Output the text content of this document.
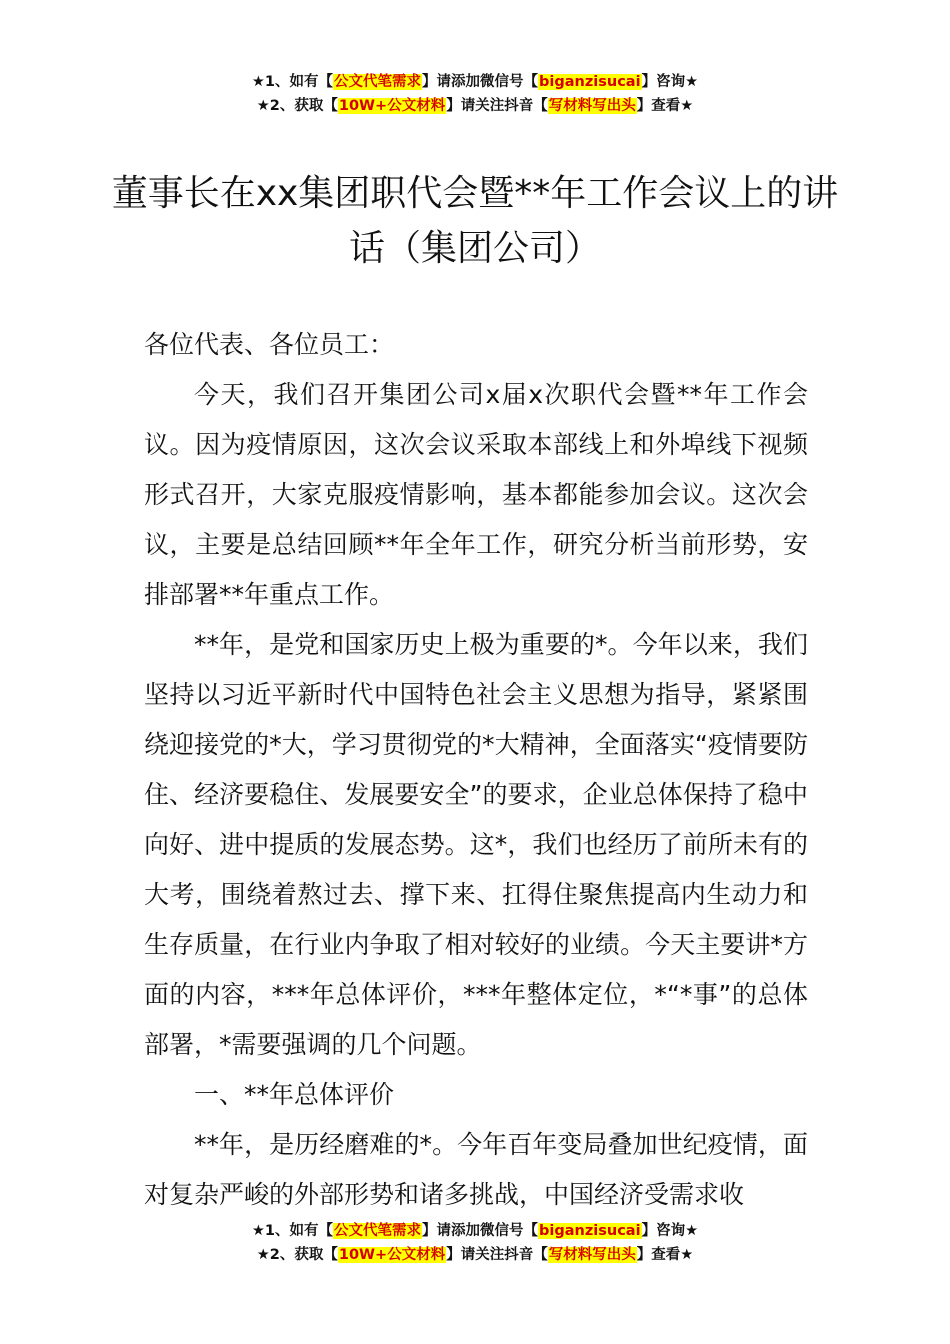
★1、如有【公文代笔需求】请添加微信号【biganzisucai】咨询★
★2、获取【10W+公文材料】请关注抖音【写材料写出头】查看★
董事长在xx集团职代会暨**年工作会议上的讲话（集团公司）

各位代表、各位员工：

今天，我们召开集团公司x届x次职代会暨**年工作会议。因为疫情原因，这次会议采取本部线上和外埠线下视频形式召开，大家克服疫情影响，基本都能参加会议。这次会议，主要是总结回顾**年全年工作，研究分析当前形势，安排部署**年重点工作。

**年，是党和国家历史上极为重要的*。今年以来，我们坚持以习近平新时代中国特色社会主义思想为指导，紧紧围绕迎接党的*大，学习贯彻党的*大精神，全面落实“疫情要防住、经济要稳住、发展要安全”的要求，企业总体保持了稳中向好、进中提质的发展态势。这*，我们也经历了前所未有的大考，围绕着熬过去、撑下来、扛得住聚焦提高内生动力和生存质量，在行业内争取了相对较好的业绩。今天主要讲*方面的内容，***年总体评价，***年整体定位，*“*事”的总体部署，*需要强调的几个问题。

一、**年总体评价

**年，是历经磨难的*。今年百年变局叠加世纪疫情，面对复杂严峻的外部形势和诸多挑战，中国经济受需求收

★1、如有【公文代笔需求】请添加微信号【biganzisucai】咨询★
★2、获取【10W+公文材料】请关注抖音【写材料写出头】查看★
